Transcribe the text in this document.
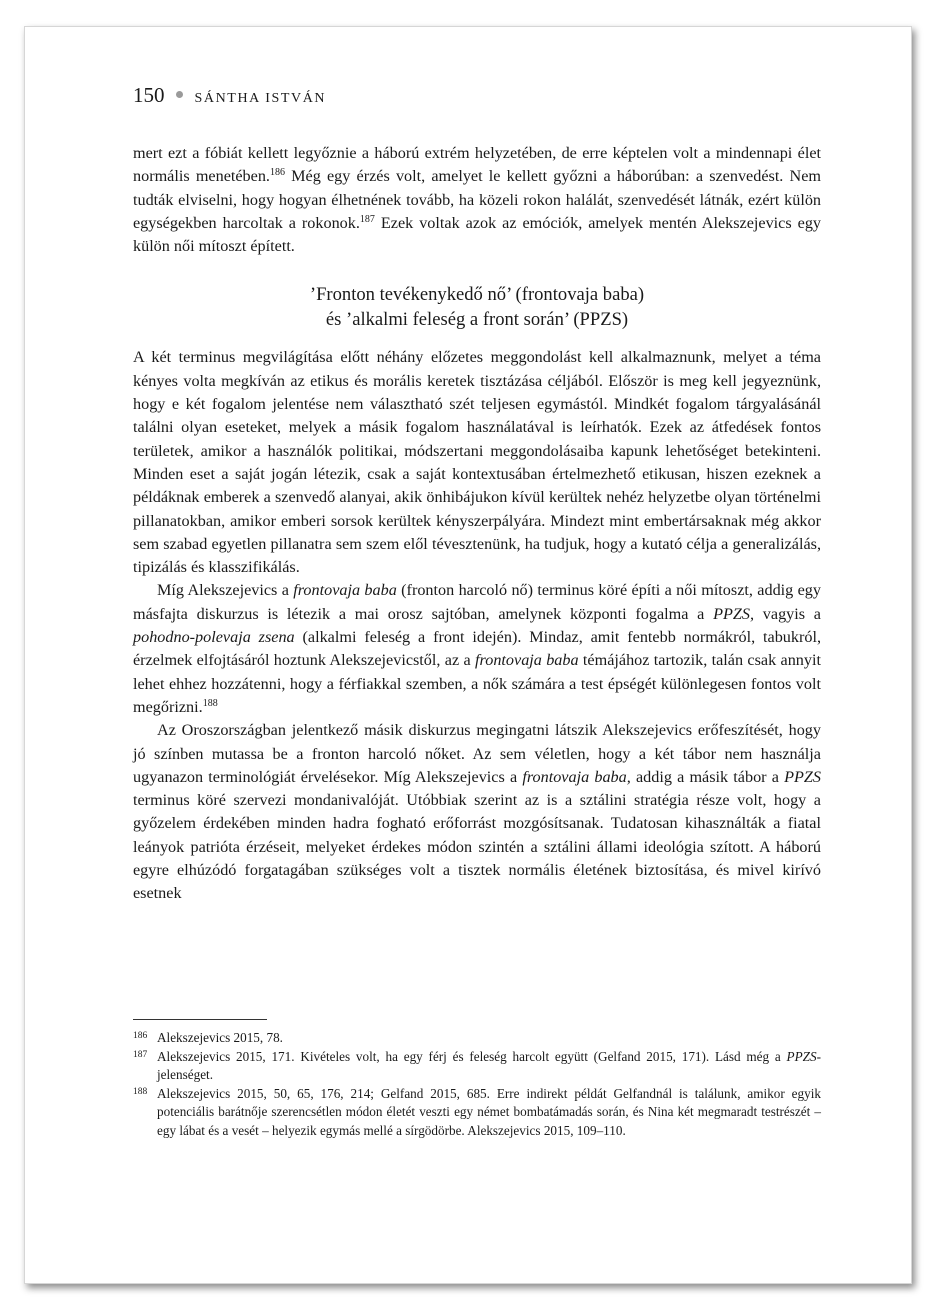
150 SÁNTHA ISTVÁN

mert ezt a fóbiát kellett legyőznie a háború extrém helyzetében, de erre képtelen volt a mindennapi élet normális menetében.$^{186}$ Még egy érzés volt, amelyet le kellett győzni a háborúban: a szenvedést. Nem tudták elviselni, hogy hogyan élhetnének tovább, ha közeli rokon halálát, szenvedését látnák, ezért külön egységekben harcoltak a rokonok.$^{187}$ Ezek voltak azok az emóciók, amelyek mentén Alekszejevics egy külön női mítoszt épített.

’Fronton tevékenykedő nő’ (frontovaja baba)
és ’alkalmi feleség a front során’ (PPZS)

A két terminus megvilágítása előtt néhány előzetes meggondolást kell alkalmaznunk, melyet a téma kényes volta megkíván az etikus és morális keretek tisztázása céljából. Először is meg kell jegyeznünk, hogy e két fogalom jelentése nem választható szét teljesen egymástól. Mindkét fogalom tárgyalásánál találni olyan eseteket, melyek a másik fogalom használatával is leírhatók. Ezek az átfedések fontos területek, amikor a használók politikai, módszertani meggondolásaiba kapunk lehetőséget betekinteni. Minden eset a saját jogán létezik, csak a saját kontextusában értelmezhető etikusan, hiszen ezeknek a példáknak emberek a szenvedő alanyai, akik önhibájukon kívül kerültek nehéz helyzetbe olyan történelmi pillanatokban, amikor emberi sorsok kerültek kényszerpályára. Mindezt mint embertársaknak még akkor sem szabad egyetlen pillanatra sem szem elől tévesztenünk, ha tudjuk, hogy a kutató célja a generalizálás, tipizálás és klasszifikálás.

Míg Alekszejevics a frontovaja baba (fronton harcoló nő) terminus köré építi a női mítoszt, addig egy másfajta diskurzus is létezik a mai orosz sajtóban, amelynek központi fogalma a PPZS, vagyis a pohodno-polevaja zsena (alkalmi feleség a front idején). Mindaz, amit fentebb normákról, tabukról, érzelmek elfojtásáról hoztunk Alekszejevicstől, az a frontovaja baba témájához tartozik, talán csak annyit lehet ehhez hozzátenni, hogy a férfiakkal szemben, a nők számára a test épségét különlegesen fontos volt megőrizni.$^{188}$

Az Oroszországban jelentkező másik diskurzus megingatni látszik Alekszejevics erőfeszítését, hogy jó színben mutassa be a fronton harcoló nőket. Az sem véletlen, hogy a két tábor nem használja ugyanazon terminológiát érvelésekor. Míg Alekszejevics a frontovaja baba, addig a másik tábor a PPZS terminus köré szervezi mondanivalóját. Utóbbiak szerint az is a sztálini stratégia része volt, hogy a győzelem érdekében minden hadra fogható erőforrást mozgósítsanak. Tudatosan kihasználták a fiatal leányok patrióta érzéseit, melyeket érdekes módon szintén a sztálini állami ideológia szított. A háború egyre elhúzódó forgatagában szükséges volt a tisztek normális életének biztosítása, és mivel kirívó esetnek

186 Alekszejevics 2015, 78.
187 Alekszejevics 2015, 171. Kivételes volt, ha egy férj és feleség harcolt együtt (Gelfand 2015, 171). Lásd még a PPZS-jelenséget.
188 Alekszejevics 2015, 50, 65, 176, 214; Gelfand 2015, 685. Erre indirekt példát Gelfandnál is találunk, amikor egyik potenciális barátnője szerencsétlen módon életét veszti egy német bombatámadás során, és Nina két megmaradt testrészét – egy lábat és a vesét – helyezik egymás mellé a sírgödörbe. Alekszejevics 2015, 109–110.
